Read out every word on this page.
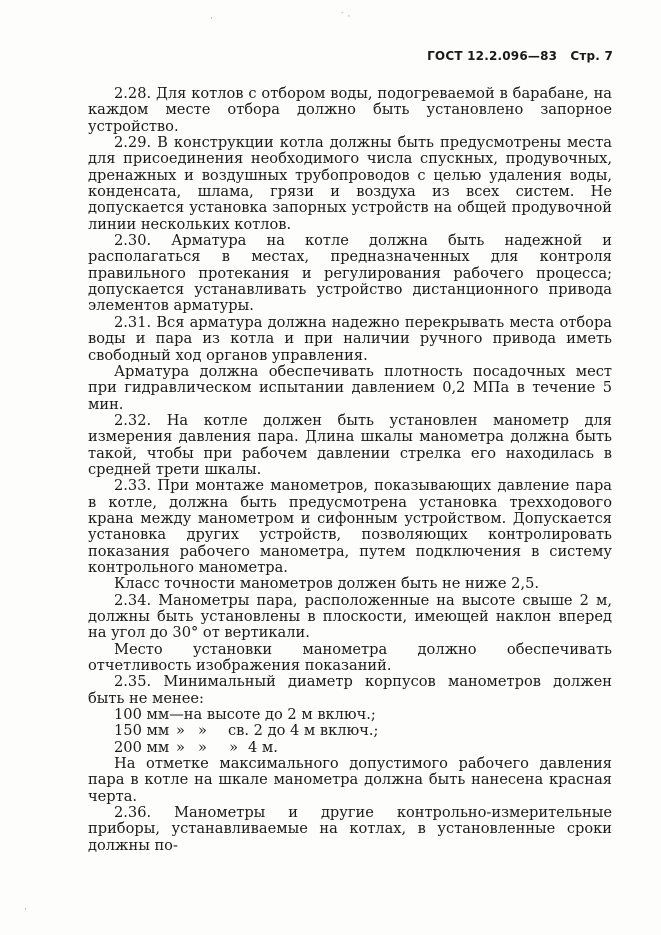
ГОСТ 12.2.096—83 Стр. 7

2.28. Для котлов с отбором воды, подогреваемой в барабане, на каждом месте отбора должно быть установлено запорное устройство.

2.29. В конструкции котла должны быть предусмотрены места для присоединения необходимого числа спускных, продувочных, дренажных и воздушных трубопроводов с целью удаления воды, конденсата, шлама, грязи и воздуха из всех систем. Не допускается установка запорных устройств на общей продувочной линии нескольких котлов.

2.30. Арматура на котле должна быть надежной и располагаться в местах, предназначенных для контроля правильного протекания и регулирования рабочего процесса; допускается устанавливать устройство дистанционного привода элементов арматуры.

2.31. Вся арматура должна надежно перекрывать места отбора воды и пара из котла и при наличии ручного привода иметь свободный ход органов управления.

Арматура должна обеспечивать плотность посадочных мест при гидравлическом испытании давлением 0,2 МПа в течение 5 мин.

2.32. На котле должен быть установлен манометр для измерения давления пара. Длина шкалы манометра должна быть такой, чтобы при рабочем давлении стрелка его находилась в средней трети шкалы.

2.33. При монтаже манометров, показывающих давление пара в котле, должна быть предусмотрена установка трехходового крана между манометром и сифонным устройством. Допускается установка других устройств, позволяющих контролировать показания рабочего манометра, путем подключения в систему контрольного манометра.

Класс точности манометров должен быть не ниже 2,5.

2.34. Манометры пара, расположенные на высоте свыше 2 м, должны быть установлены в плоскости, имеющей наклон вперед на угол до 30° от вертикали.

Место установки манометра должно обеспечивать отчетливость изображения показаний.

2.35. Минимальный диаметр корпусов манометров должен быть не менее:

100 мм—на высоте до 2 м включ.;
150 мм » »	св. 2 до 4 м включ.;
200 мм » »	» 4 м.

На отметке максимального допустимого рабочего давления пара в котле на шкале манометра должна быть нанесена красная черта.

2.36. Манометры и другие контрольно-измерительные приборы, устанавливаемые на котлах, в установленные сроки должны по-

·	˙ ·
·
